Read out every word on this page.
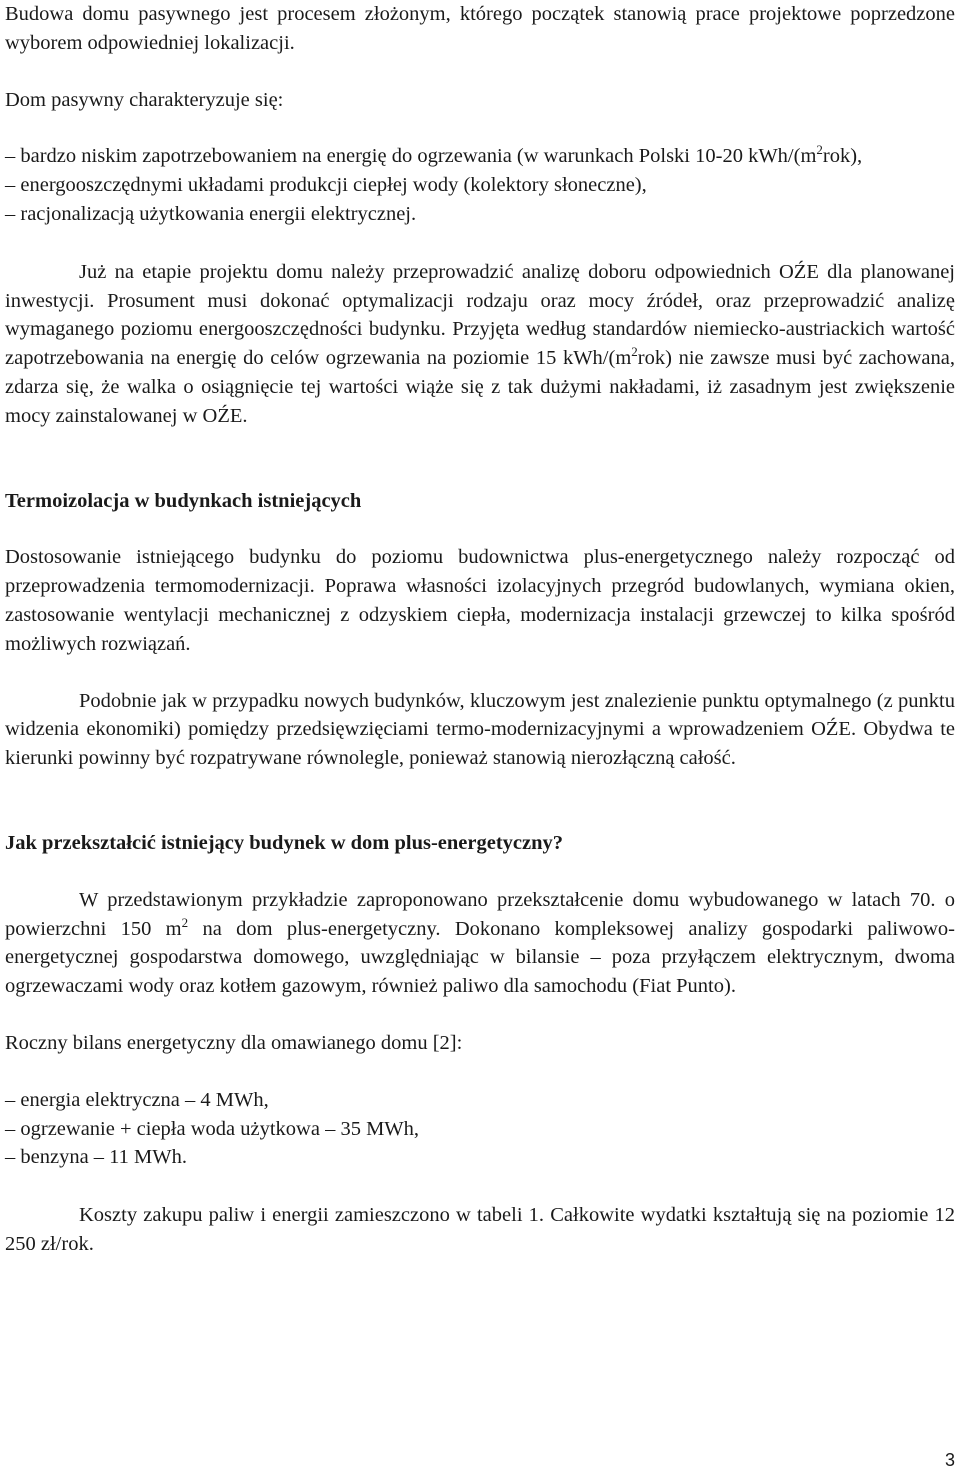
Budowa domu pasywnego jest procesem złożonym, którego początek stanowią prace projektowe poprzedzone wyborem odpowiedniej lokalizacji.

Dom pasywny charakteryzuje się:

– bardzo niskim zapotrzebowaniem na energię do ogrzewania (w warunkach Polski 10-20 kWh/$(m^2rok)$,
– energooszczędnymi układami produkcji ciepłej wody (kolektory słoneczne),
– racjonalizacją użytkowania energii elektrycznej.

Już na etapie projektu domu należy przeprowadzić analizę doboru odpowiednich OŹE dla planowanej inwestycji. Prosument musi dokonać optymalizacji rodzaju oraz mocy źródeł, oraz przeprowadzić analizę wymaganego poziomu energooszczędności budynku. Przyjęta według standardów niemiecko-austriackich wartość zapotrzebowania na energię do celów ogrzewania na poziomie 15 kWh/$(m^2rok)$ nie zawsze musi być zachowana, zdarza się, że walka o osiągnięcie tej wartości wiąże się z tak dużymi nakładami, iż zasadnym jest zwiększenie mocy zainstalowanej w OŹE.

Termoizolacja w budynkach istniejących

Dostosowanie istniejącego budynku do poziomu budownictwa plus-energetycznego należy rozpocząć od przeprowadzenia termomodernizacji. Poprawa własności izolacyjnych przegród budowlanych, wymiana okien, zastosowanie wentylacji mechanicznej z odzyskiem ciepła, modernizacja instalacji grzewczej to kilka spośród możliwych rozwiązań.

Podobnie jak w przypadku nowych budynków, kluczowym jest znalezienie punktu optymalnego (z punktu widzenia ekonomiki) pomiędzy przedsięwzięciami termo-modernizacyjnymi a wprowadzeniem OŹE. Obydwa te kierunki powinny być rozpatrywane równolegle, ponieważ stanowią nierozłączną całość.

Jak przekształcić istniejący budynek w dom plus-energetyczny?

W przedstawionym przykładzie zaproponowano przekształcenie domu wybudowanego w latach 70. o powierzchni 150 $m^2$ na dom plus-energetyczny. Dokonano kompleksowej analizy gospodarki paliwowo-energetycznej gospodarstwa domowego, uwzględniając w bilansie – poza przyłączem elektrycznym, dwoma ogrzewaczami wody oraz kotłem gazowym, również paliwo dla samochodu (Fiat Punto).

Roczny bilans energetyczny dla omawianego domu [2]:

– energia elektryczna – 4 MWh,
– ogrzewanie + ciepła woda użytkowa – 35 MWh,
– benzyna – 11 MWh.

Koszty zakupu paliw i energii zamieszczono w tabeli 1. Całkowite wydatki kształtują się na poziomie 12 250 zł/rok.

3
